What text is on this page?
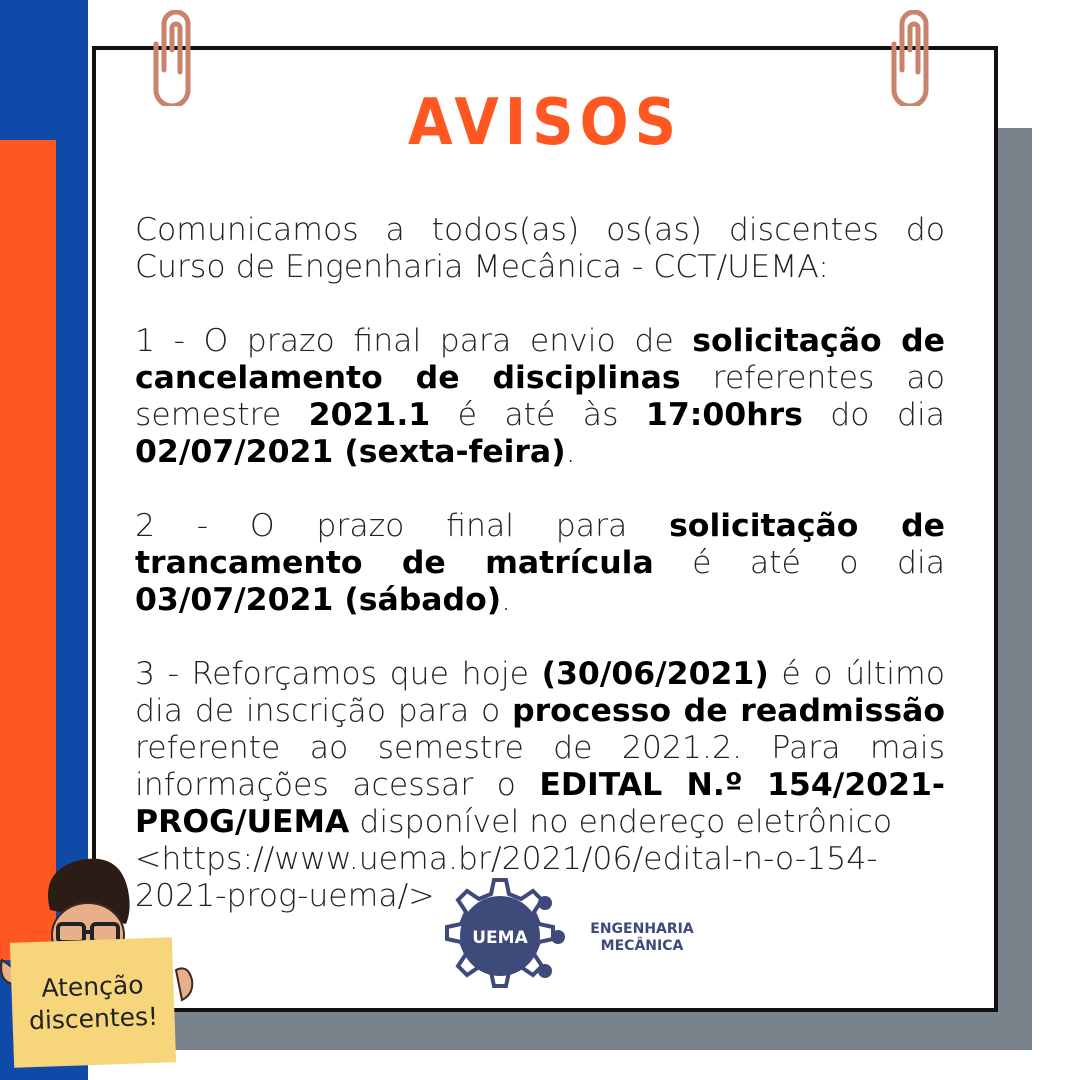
AVISOS

Comunicamos a todos(as) os(as) discentes do Curso de Engenharia Mecânica - CCT/UEMA:

1 - O prazo final para envio de solicitação de cancelamento de disciplinas referentes ao semestre 2021.1 é até às 17:00hrs do dia 02/07/2021 (sexta-feira).

2 - O prazo final para solicitação de trancamento de matrícula é até o dia 03/07/2021 (sábado).

3 - Reforçamos que hoje (30/06/2021) é o último dia de inscrição para o processo de readmissão referente ao semestre de 2021.2. Para mais informações acessar o EDITAL N.º 154/2021-PROG/UEMA disponível no endereço eletrônico
<https://www.uema.br/2021/06/edital-n-o-154-2021-prog-uema/>

UEMA	ENGENHARIA
MECÂNICA
Atenção
discentes!
